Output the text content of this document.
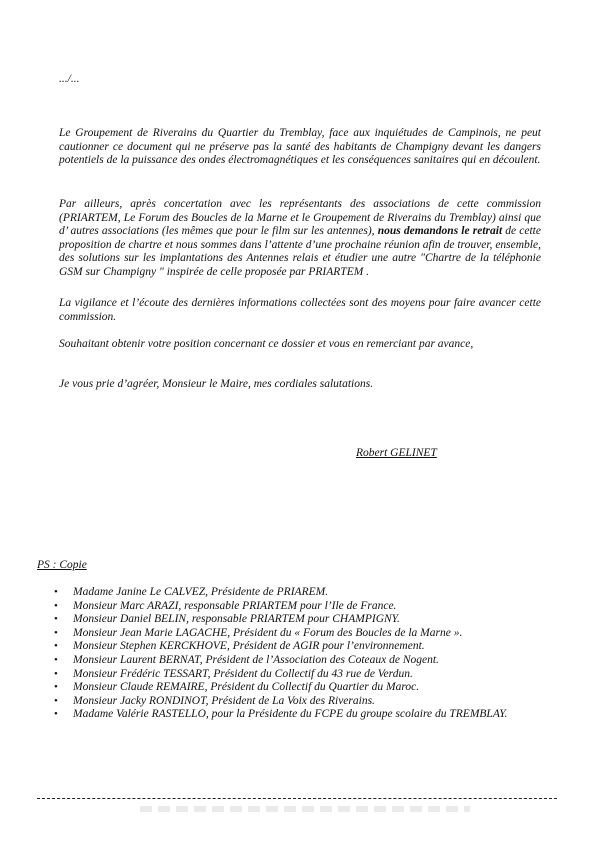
.../...

Le Groupement de Riverains du Quartier du Tremblay, face aux inquiétudes de Campinois, ne peut cautionner ce document qui ne préserve pas la santé des habitants de Champigny devant les dangers potentiels de la puissance des ondes électromagnétiques et les conséquences sanitaires qui en découlent.

Par ailleurs, après concertation avec les représentants des associations de cette commission (PRIARTEM, Le Forum des Boucles de la Marne et le Groupement de Riverains du Tremblay) ainsi que d’ autres associations (les mêmes que pour le film sur les antennes), nous demandons le retrait de cette proposition de chartre et nous sommes dans l’attente d’une prochaine réunion afin de trouver, ensemble, des solutions sur les implantations des Antennes relais et étudier une autre "Chartre de la téléphonie GSM sur Champigny " inspirée de celle proposée par PRIARTEM .

La vigilance et l’écoute des dernières informations collectées sont des moyens pour faire avancer cette commission.

Souhaitant obtenir votre position concernant ce dossier et vous en remerciant par avance,

Je vous prie d’agréer, Monsieur le Maire, mes cordiales salutations.
Robert GELINET
PS : Copie
• Madame Janine Le CALVEZ, Présidente de PRIAREM.
• Monsieur Marc ARAZI, responsable PRIARTEM pour l’Ile de France.
• Monsieur Daniel BELIN, responsable PRIARTEM pour CHAMPIGNY.
• Monsieur Jean Marie LAGACHE, Président du « Forum des Boucles de la Marne ».
• Monsieur Stephen KERCKHOVE, Président de AGIR pour l’environnement.
• Monsieur Laurent BERNAT, Président de l’Association des Coteaux de Nogent.
• Monsieur Frédéric TESSART, Président du Collectif du 43 rue de Verdun.
• Monsieur Claude REMAIRE, Président du Collectif du Quartier du Maroc.
• Monsieur Jacky RONDINOT, Président de La Voix des Riverains.
• Madame Valérie RASTELLO, pour la Présidente du FCPE du groupe scolaire du TREMBLAY.
